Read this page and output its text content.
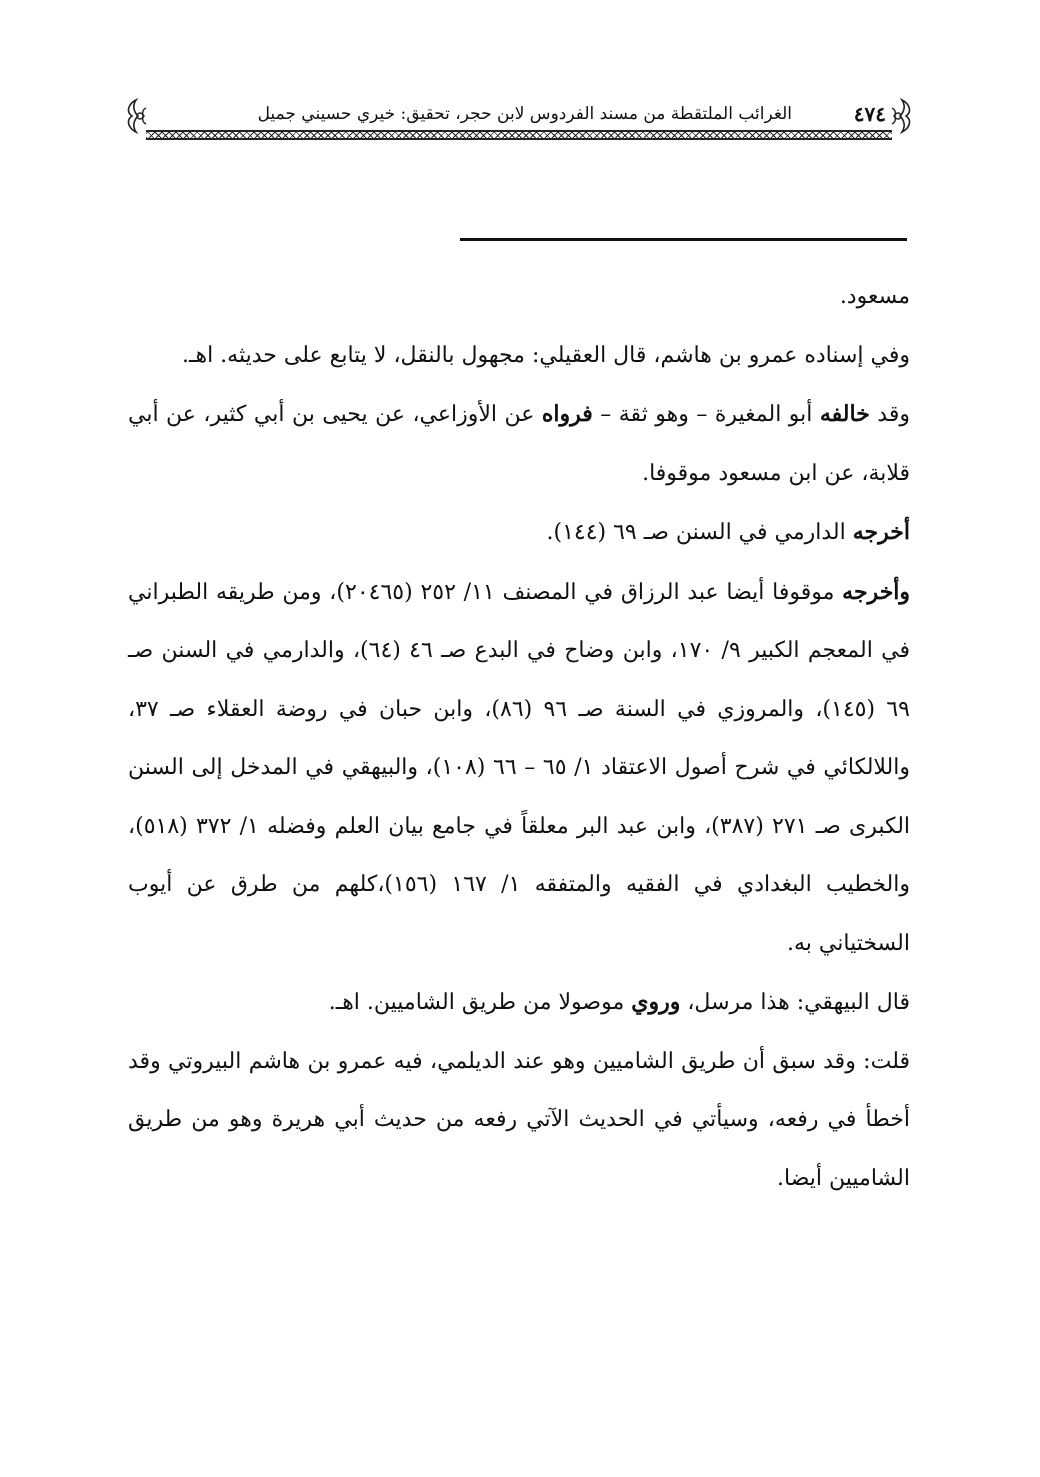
٤٧٤
الغرائب الملتقطة من مسند الفردوس لابن حجر، تحقيق: خيري حسيني جميل

مسعود.

وفي إسناده عمرو بن هاشم، قال العقيلي: مجهول بالنقل، لا يتابع على حديثه. اهـ.

وقد خالفه أبو المغيرة – وهو ثقة – فرواه عن الأوزاعي، عن يحيى بن أبي كثير، عن أبي قلابة، عن ابن مسعود موقوفا.

أخرجه الدارمي في السنن صـ ٦٩ (١٤٤).

وأخرجه موقوفا أيضا عبد الرزاق في المصنف ١١/ ٢٥٢ (٢٠٤٦٥)، ومن طريقه الطبراني في المعجم الكبير ٩/ ١٧٠، وابن وضاح في البدع صـ ٤٦ (٦٤)، والدارمي في السنن صـ ٦٩ (١٤٥)، والمروزي في السنة صـ ٩٦ (٨٦)، وابن حبان في روضة العقلاء صـ ٣٧، واللالكائي في شرح أصول الاعتقاد ١/ ٦٥ – ٦٦ (١٠٨)، والبيهقي في المدخل إلى السنن الكبرى صـ ٢٧١ (٣٨٧)، وابن عبد البر معلقاً في جامع بيان العلم وفضله ١/ ٣٧٢ (٥١٨)، والخطيب البغدادي في الفقيه والمتفقه ١/ ١٦٧ (١٥٦)،كلهم من طرق عن أيوب السختياني به.

قال البيهقي: هذا مرسل، وروي موصولا من طريق الشاميين. اهـ.

قلت: وقد سبق أن طريق الشاميين وهو عند الديلمي، فيه عمرو بن هاشم البيروتي وقد أخطأ في رفعه، وسيأتي في الحديث الآتي رفعه من حديث أبي هريرة وهو من طريق الشاميين أيضا.
